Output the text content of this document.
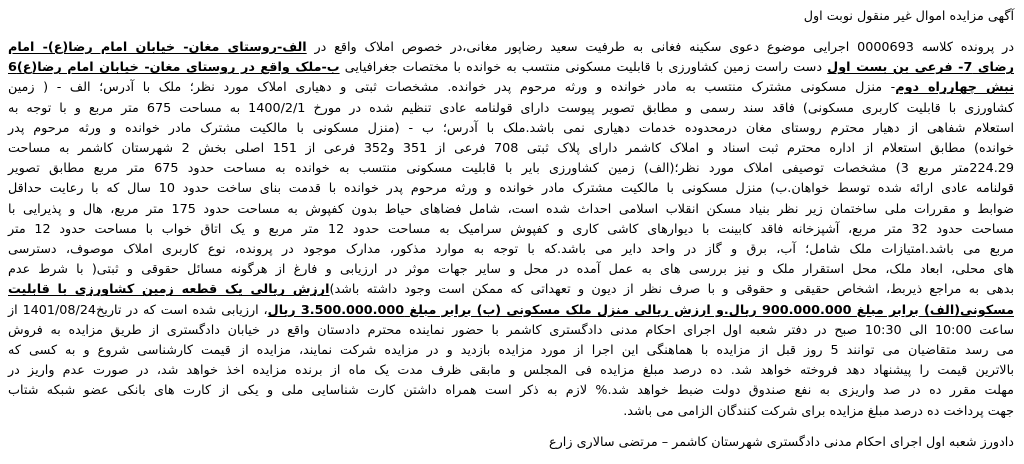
آگهی مزایده اموال غیر منقول نوبت اول
در پرونده کلاسه 0000693 اجرایی موضوع دعوی سکینه فغانی به طرفیت سعید رضاپور مغانی،در خصوص املاک واقع در الف-روستای مغان- خیابان امام رضا(ع)- امام
رضای 7- فرعی بن بست اول دست راست زمین کشاورزی با قابلیت مسکونی منتسب به خوانده با مختصات جغرافیایی ب-ملک واقع در روستای مغان- خیابان امام رضا(ع)6
نبش چهارراه دوم- منزل مسکونی مشترک منتسب به مادر خوانده و ورثه مرحوم پدر خوانده. مشخصات ثبتی و دهیاری املاک مورد نظر؛ ملک با آدرس؛ الف - ( زمین
کشاورزی با قابلیت کاربری مسکونی) فاقد سند رسمی و مطابق تصویر پیوست دارای قولنامه عادی تنظیم شده در مورخ 1400/2/1 به مساحت 675 متر مربع و با توجه به
استعلام شفاهی از دهیار محترم روستای مغان درمحدوده خدمات دهیاری نمی باشد.ملک با آدرس؛ ب - (منزل مسکونی با مالکیت مشترک مادر خوانده و ورثه مرحوم پدر
خوانده) مطابق استعلام از اداره محترم ثبت اسناد و املاک کاشمر دارای پلاک ثبتی 708 فرعی از 351 و352 فرعی از 151 اصلی بخش 2 شهرستان کاشمر به مساحت
224.29متر مربع 3) مشخصات توصیفی املاک مورد نظر؛(الف) زمین کشاورزی بایر با قابلیت مسکونی منتسب به خوانده به مساحت حدود 675 متر مربع مطابق تصویر
قولنامه عادی ارائه شده توسط خواهان.ب) منزل مسکونی با مالکیت مشترک مادر خوانده و ورثه مرحوم پدر خوانده با قدمت بنای ساخت حدود 10 سال که با رعایت حداقل
ضوابط و مقررات ملی ساختمان زیر نظر بنیاد مسکن انقلاب اسلامی احداث شده است، شامل فضاهای حیاط بدون کفپوش به مساحت حدود 175 متر مربع، هال و پذیرایی با
مساحت حدود 32 متر مربع، آشپزخانه فاقد کابینت با دیوارهای کاشی کاری و کفپوش سرامیک به مساحت حدود 12 متر مربع و یک اتاق خواب با مساحت حدود 12 متر
مربع می باشد.امتیازات ملک شامل؛ آب، برق و گاز در واحد دایر می باشد.که با توجه به موارد مذکور، مدارک موجود در پرونده، نوع کاربری املاک موصوف، دسترسی
های محلی، ابعاد ملک، محل استقرار ملک و نیز بررسی های به عمل آمده در محل و سایر جهات موثر در ارزیابی و فارغ از هرگونه مسائل حقوقی و ثبتی( با شرط عدم
بدهی به مراجع ذیربط، اشخاص حقیقی و حقوقی و با صرف نظر از دیون و تعهداتی که ممکن است وجود داشته باشد)ارزش ریالی یک قطعه زمین کشاورزی با قابلیت
مسکونی(الف) برابر مبلغ 900.000.000 ریال.و ارزش ریالی منزل ملک مسکونی (ب) برابر مبلغ 3.500.000.000 ریال، ارزیابی شده است که در تاریخ1401/08/24 از
ساعت 10:00 الی 10:30 صبح در دفتر شعبه اول اجرای احکام مدنی دادگستری کاشمر با حضور نماینده محترم دادستان واقع در خیابان دادگستری از طریق مزایده به فروش
می رسد متقاضیان می توانند 5 روز قبل از مزایده با هماهنگی این اجرا از مورد مزایده بازدید و در مزایده شرکت نمایند، مزایده از قیمت کارشناسی شروع و به کسی که
بالاترین قیمت را پیشنهاد دهد فروخته خواهد شد. ده درصد مبلغ مزایده فی المجلس و مابقی ظرف مدت یک ماه از برنده مزایده اخذ خواهد شد، در صورت عدم واریز در
مهلت مقرر ده در صد واریزی به نفع صندوق دولت ضبط خواهد شد.% لازم به ذکر است همراه داشتن کارت شناسایی ملی و یکی از کارت های بانکی عضو شبکه شتاب
جهت پرداخت ده درصد مبلغ مزایده برای شرکت کنندگان الزامی می باشد.
دادورز شعبه اول اجرای احکام مدنی دادگستری شهرستان کاشمر – مرتضی سالاری زارع
